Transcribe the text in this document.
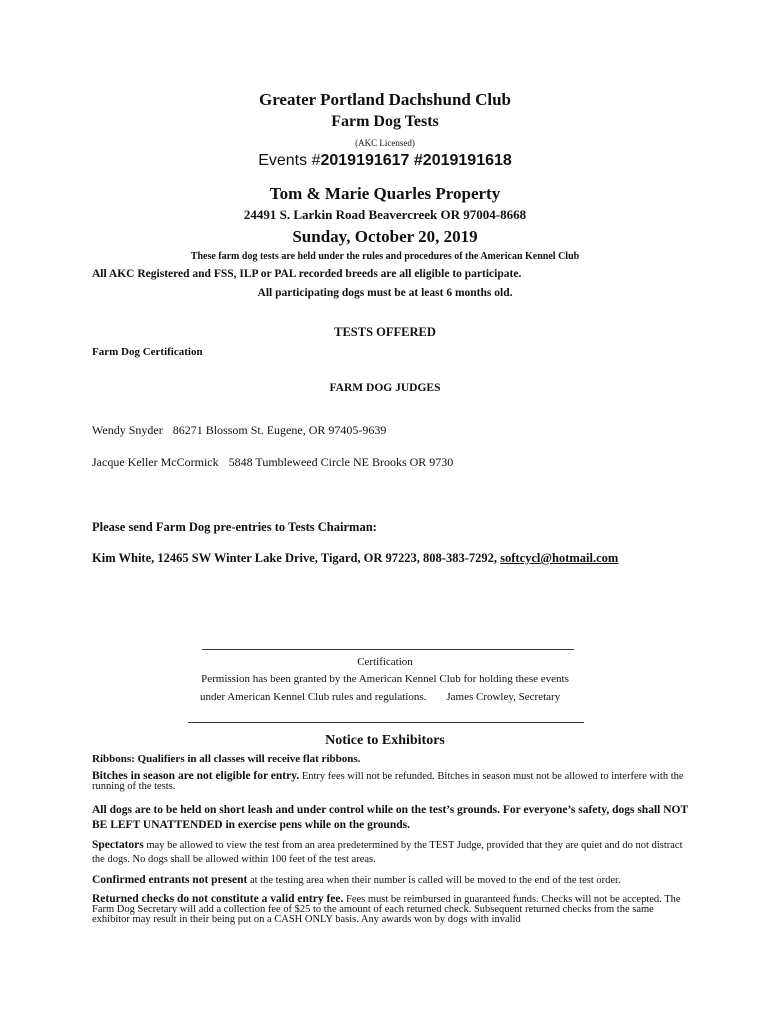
Greater Portland Dachshund Club
Farm Dog Tests
(AKC Licensed)
Events #2019191617 #2019191618
Tom & Marie Quarles Property
24491 S. Larkin Road Beavercreek OR 97004-8668
Sunday, October 20, 2019
These farm dog tests are held under the rules and procedures of the American Kennel Club
All AKC Registered and FSS, ILP or PAL recorded breeds are all eligible to participate.
All participating dogs must be at least 6 months old.
TESTS OFFERED
Farm Dog Certification
FARM DOG JUDGES
Wendy Snyder 86271 Blossom St. Eugene, OR 97405-9639
Jacque Keller McCormick 5848 Tumbleweed Circle NE Brooks OR 9730
Please send Farm Dog pre-entries to Tests Chairman:
Kim White, 12465 SW Winter Lake Drive, Tigard, OR 97223, 808-383-7292, softcycl@hotmail.com
Certification
Permission has been granted by the American Kennel Club for holding these events
under American Kennel Club rules and regulations. James Crowley, Secretary
Notice to Exhibitors
Ribbons: Qualifiers in all classes will receive flat ribbons.
Bitches in season are not eligible for entry. Entry fees will not be refunded. Bitches in season must not be allowed to interfere with the running of the tests.
All dogs are to be held on short leash and under control while on the test’s grounds. For everyone’s safety, dogs shall NOT BE LEFT UNATTENDED in exercise pens while on the grounds.
Spectators may be allowed to view the test from an area predetermined by the TEST Judge, provided that they are quiet and do not distract the dogs. No dogs shall be allowed within 100 feet of the test areas.
Confirmed entrants not present at the testing area when their number is called will be moved to the end of the test order.
Returned checks do not constitute a valid entry fee. Fees must be reimbursed in guaranteed funds. Checks will not be accepted. The Farm Dog Secretary will add a collection fee of $25 to the amount of each returned check. Subsequent returned checks from the same exhibitor may result in their being put on a CASH ONLY basis. Any awards won by dogs with invalid
